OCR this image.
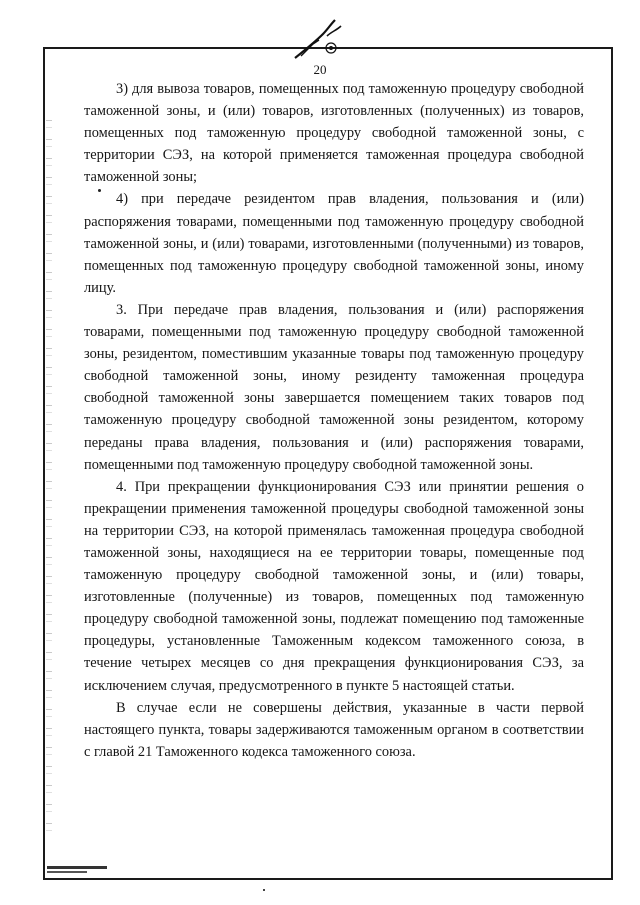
20

3) для вывоза товаров, помещенных под таможенную процедуру свободной таможенной зоны, и (или) товаров, изготовленных (полученных) из товаров, помещенных под таможенную процедуру свободной таможенной зоны, с территории СЭЗ, на которой применяется таможенная процедура свободной таможенной зоны;

4) при передаче резидентом прав владения, пользования и (или) распоряжения товарами, помещенными под таможенную процедуру свободной таможенной зоны, и (или) товарами, изготовленными (полученными) из товаров, помещенных под таможенную процедуру свободной таможенной зоны, иному лицу.

3. При передаче прав владения, пользования и (или) распоряжения товарами, помещенными под таможенную процедуру свободной таможенной зоны, резидентом, поместившим указанные товары под таможенную процедуру свободной таможенной зоны, иному резиденту таможенная процедура свободной таможенной зоны завершается помещением таких товаров под таможенную процедуру свободной таможенной зоны резидентом, которому переданы права владения, пользования и (или) распоряжения товарами, помещенными под таможенную процедуру свободной таможенной зоны.

4. При прекращении функционирования СЭЗ или принятии решения о прекращении применения таможенной процедуры свободной таможенной зоны на территории СЭЗ, на которой применялась таможенная процедура свободной таможенной зоны, находящиеся на ее территории товары, помещенные под таможенную процедуру свободной таможенной зоны, и (или) товары, изготовленные (полученные) из товаров, помещенных под таможенную процедуру свободной таможенной зоны, подлежат помещению под таможенные процедуры, установленные Таможенным кодексом таможенного союза, в течение четырех месяцев со дня прекращения функционирования СЭЗ, за исключением случая, предусмотренного в пункте 5 настоящей статьи.

В случае если не совершены действия, указанные в части первой настоящего пункта, товары задерживаются таможенным органом в соответствии с главой 21 Таможенного кодекса таможенного союза.
